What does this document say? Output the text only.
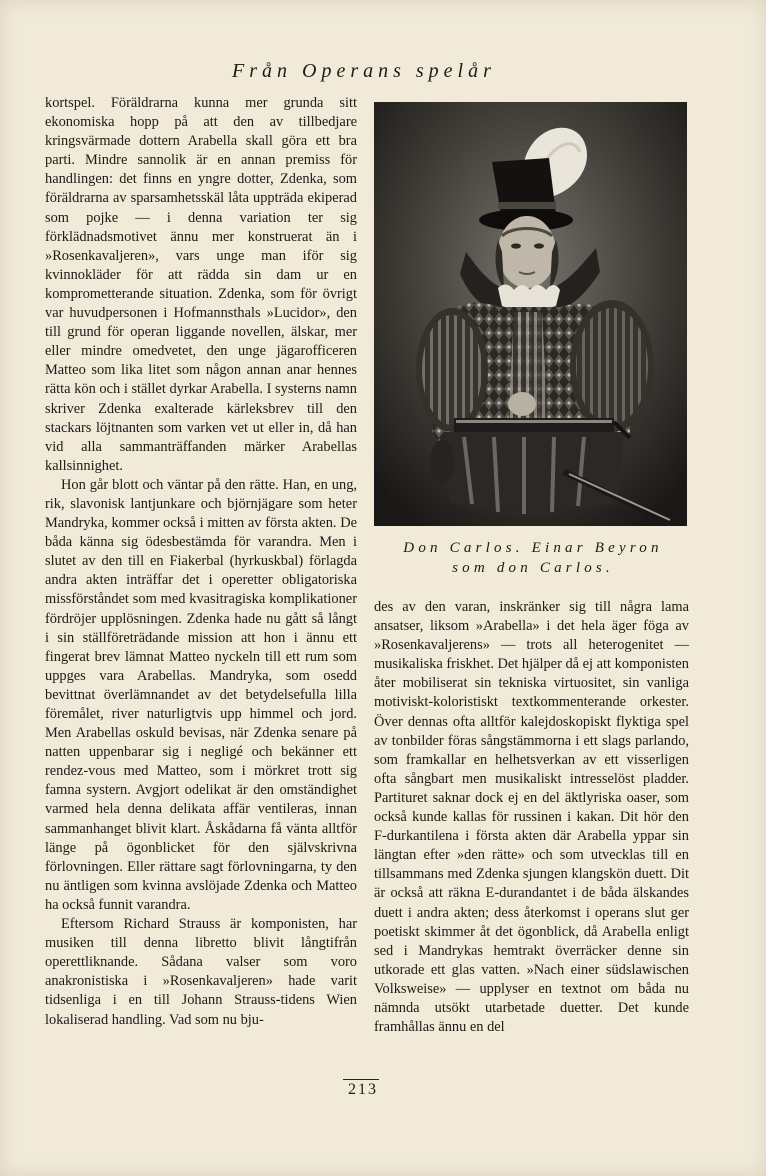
Från Operans spelår

kortspel. Föräldrarna kunna mer grunda sitt ekonomiska hopp på att den av tillbedjare kringsvärmade dottern Arabella skall göra ett bra parti. Mindre sannolik är en annan premiss för handlingen: det finns en yngre dotter, Zdenka, som föräldrarna av sparsamhetsskäl låta uppträda ekiperad som pojke — i denna variation ter sig förklädnadsmotivet ännu mer konstruerat än i »Rosenkavaljeren», vars unge man iför sig kvinnokläder för att rädda sin dam ur en komprometterande situation. Zdenka, som för övrigt var huvudpersonen i Hofmannsthals »Lucidor», den till grund för operan liggande novellen, älskar, mer eller mindre omedvetet, den unge jägarofficeren Matteo som lika litet som någon annan anar hennes rätta kön och i stället dyrkar Arabella. I systerns namn skriver Zdenka exalterade kärleksbrev till den stackars löjtnanten som varken vet ut eller in, då han vid alla sammanträffanden märker Arabellas kallsinnighet.

Hon går blott och väntar på den rätte. Han, en ung, rik, slavonisk lantjunkare och björnjägare som heter Mandryka, kommer också i mitten av första akten. De båda känna sig ödesbestämda för varandra. Men i slutet av den till en Fiakerbal (hyrkuskbal) förlagda andra akten inträffar det i operetter obligatoriska missförståndet som med kvasitragiska komplikationer fördröjer upplösningen. Zdenka hade nu gått så långt i sin ställföreträdande mission att hon i ännu ett fingerat brev lämnat Matteo nyckeln till ett rum som uppges vara Arabellas. Mandryka, som osedd bevittnat överlämnandet av det betydelsefulla lilla föremålet, river naturligtvis upp himmel och jord. Men Arabellas oskuld bevisas, när Zdenka senare på natten uppenbarar sig i negligé och bekänner ett rendez-vous med Matteo, som i mörkret trott sig famna systern. Avgjort odelikat är den omständighet varmed hela denna delikata affär ventileras, innan sammanhanget blivit klart. Åskådarna få vänta alltför länge på ögonblicket för den självskrivna förlovningen. Eller rättare sagt förlovningarna, ty den nu äntligen som kvinna avslöjade Zdenka och Matteo ha också funnit varandra.

Eftersom Richard Strauss är komponisten, har musiken till denna libretto blivit långtifrån operettliknande. Sådana valser som voro anakronistiska i »Rosenkavaljeren» hade varit tidsenliga i en till Johann Strauss-tidens Wien lokaliserad handling. Vad som nu bju-

Don Carlos. Einar Beyron
som don Carlos.

des av den varan, inskränker sig till några lama ansatser, liksom »Arabella» i det hela äger föga av »Rosenkavaljerens» — trots all heterogenitet — musikaliska friskhet. Det hjälper då ej att komponisten åter mobiliserat sin tekniska virtuositet, sin vanliga motiviskt-koloristiskt textkommenterande orkester. Över dennas ofta alltför kalejdoskopiskt flyktiga spel av tonbilder föras sångstämmorna i ett slags parlando, som framkallar en helhetsverkan av ett visserligen ofta sångbart men musikaliskt intresselöst pladder. Partituret saknar dock ej en del äktlyriska oaser, som också kunde kallas för russinen i kakan. Dit hör den F-durkantilena i första akten där Arabella yppar sin längtan efter »den rätte» och som utvecklas till en tillsammans med Zdenka sjungen klangskön duett. Dit är också att räkna E-durandantet i de båda älskandes duett i andra akten; dess återkomst i operans slut ger poetiskt skimmer åt det ögonblick, då Arabella enligt sed i Mandrykas hemtrakt överräcker denne sin utkorade ett glas vatten. »Nach einer südslawischen Volksweise» — upplyser en textnot om båda nu nämnda utsökt utarbetade duetter. Det kunde framhållas ännu en del

213
